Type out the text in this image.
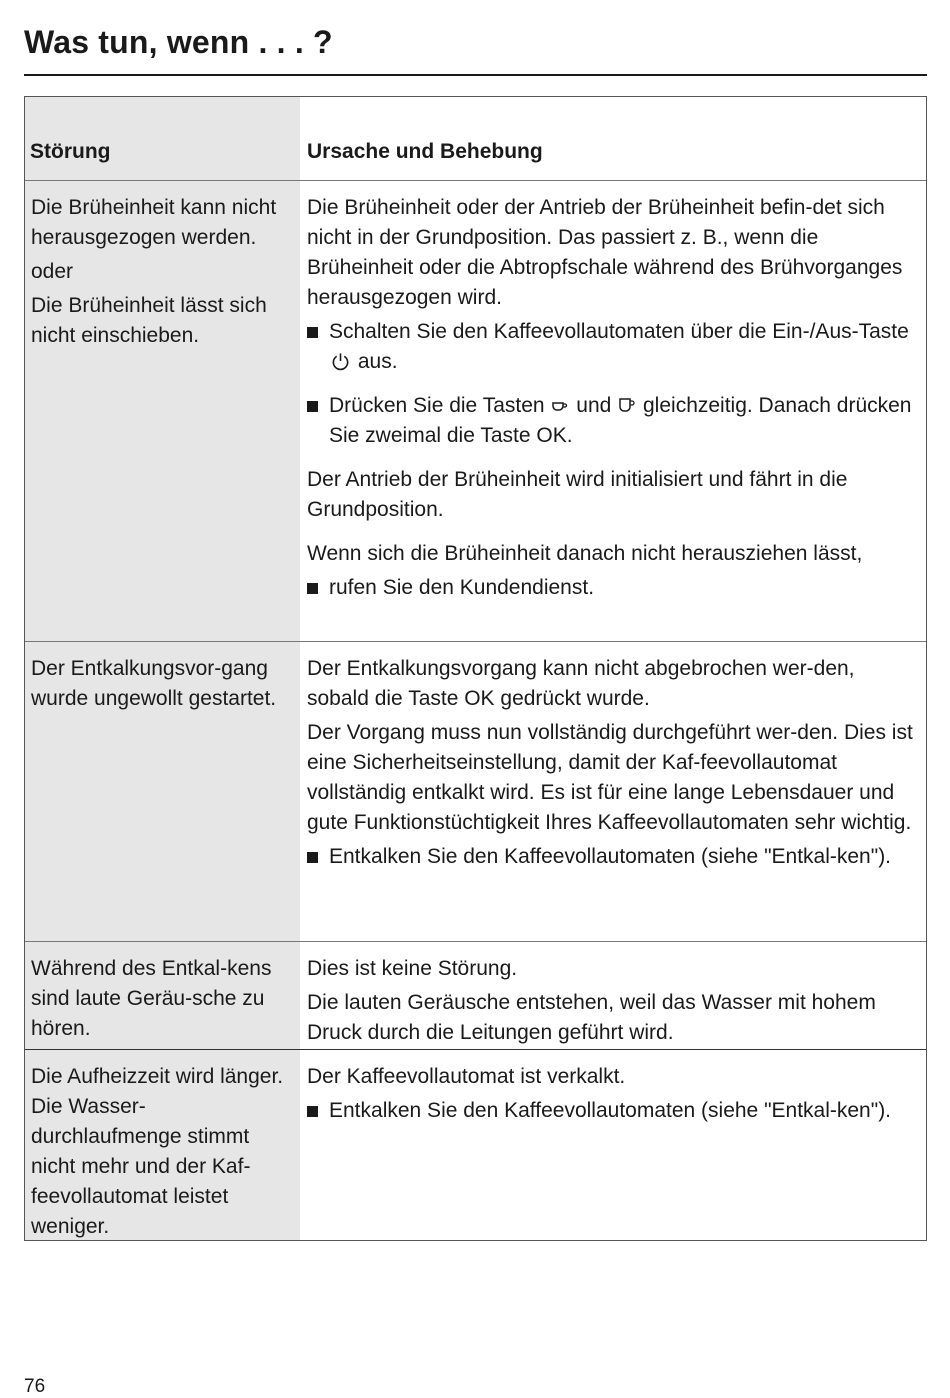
Was tun, wenn . . . ?
Störung	Ursache und Behebung

Die Brüheinheit kann nicht herausgezogen werden.

oder

Die Brüheinheit lässt sich nicht einschieben.

Die Brüheinheit oder der Antrieb der Brüheinheit befin-det sich nicht in der Grundposition. Das passiert z. B., wenn die Brüheinheit oder die Abtropfschale während des Brühvorganges herausgezogen wird.

Schalten Sie den Kaffeevollautomaten über die Ein-/Aus-Taste  aus.
Drücken Sie die Tasten und gleichzeitig. Danach drücken Sie zweimal die Taste OK.

Der Antrieb der Brüheinheit wird initialisiert und fährt in die Grundposition.

Wenn sich die Brüheinheit danach nicht herausziehen lässt,

rufen Sie den Kundendienst.

Der Entkalkungsvor-gang wurde ungewollt gestartet.

Der Entkalkungsvorgang kann nicht abgebrochen wer-den, sobald die Taste OK gedrückt wurde.

Der Vorgang muss nun vollständig durchgeführt wer-den. Dies ist eine Sicherheitseinstellung, damit der Kaf-feevollautomat vollständig entkalkt wird. Es ist für eine lange Lebensdauer und gute Funktionstüchtigkeit Ihres Kaffeevollautomaten sehr wichtig.

Entkalken Sie den Kaffeevollautomaten (siehe "Entkal-ken").

Während des Entkal-kens sind laute Geräu-sche zu hören.

Dies ist keine Störung.

Die lauten Geräusche entstehen, weil das Wasser mit hohem Druck durch die Leitungen geführt wird.

Die Aufheizzeit wird länger. Die Wasser-durchlaufmenge stimmt nicht mehr und der Kaf-feevollautomat leistet weniger.

Der Kaffeevollautomat ist verkalkt.

Entkalken Sie den Kaffeevollautomaten (siehe "Entkal-ken").
76
